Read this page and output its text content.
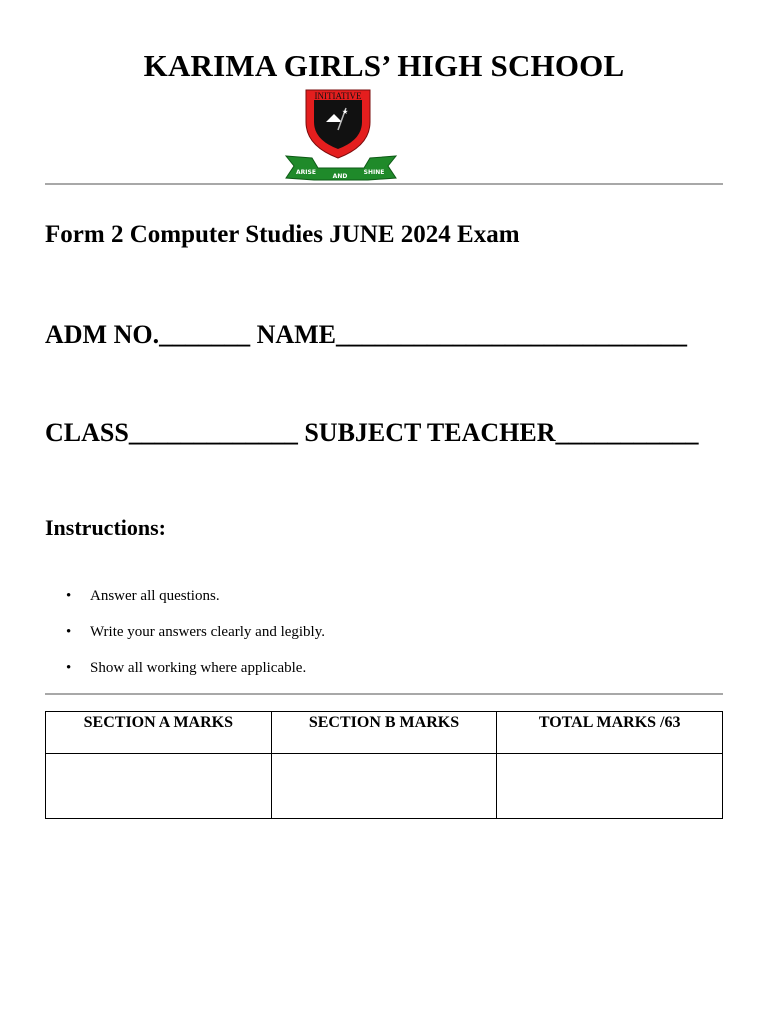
KARIMA GIRLS’ HIGH SCHOOL
★
INITIATIVE
ARISE
AND
SHINE
Form 2 Computer Studies JUNE 2024 Exam

ADM NO._______ NAME___________________________

CLASS_____________ SUBJECT TEACHER___________

Instructions:
• Answer all questions.
• Write your answers clearly and legibly.
• Show all working where applicable.
SECTION A MARKS	SECTION B MARKS	TOTAL MARKS /63
